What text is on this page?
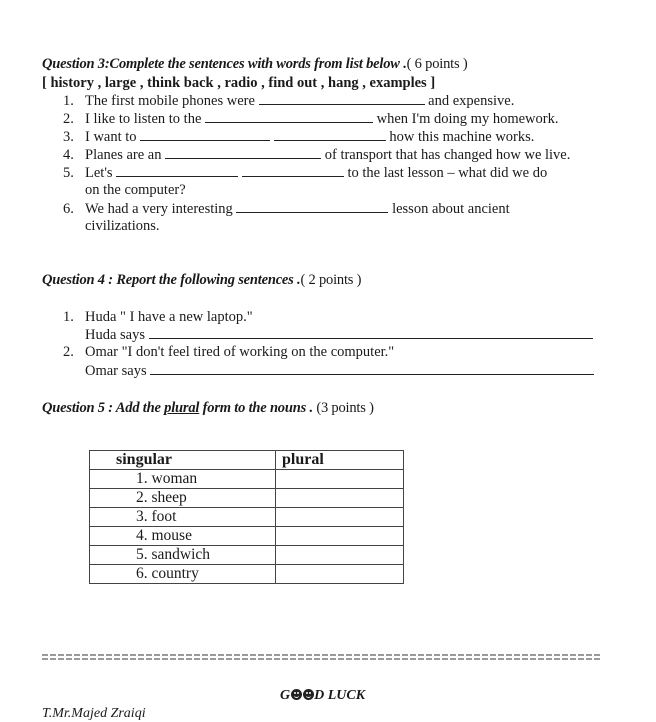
Question 3:Complete the sentences with words from list below .( 6 points )
[ history , large , think back , radio , find out , hang , examples ]
1. The first mobile phones were	and expensive.
2. I like to listen to the	when I'm doing my homework.
3. I want to	how this machine works.
4. Planes are an	of transport that has changed how we live.
5. Let's	to the last lesson – what did we do
on the computer?
6. We had a very interesting	lesson about ancient
civilizations.
Question 4 : Report the following sentences .( 2 points )
1. Huda " I have a new laptop."
Huda says
2. Omar "I don't feel tired of working on the computer."
Omar says
Question 5 : Add the plural form to the nouns . (3 points )
singular	plural
1. woman	
2. sheep	
3. foot	
4. mouse	
5. sandwich	
6. country	
G D LUCK
T.Mr.Majed Zraiqi
